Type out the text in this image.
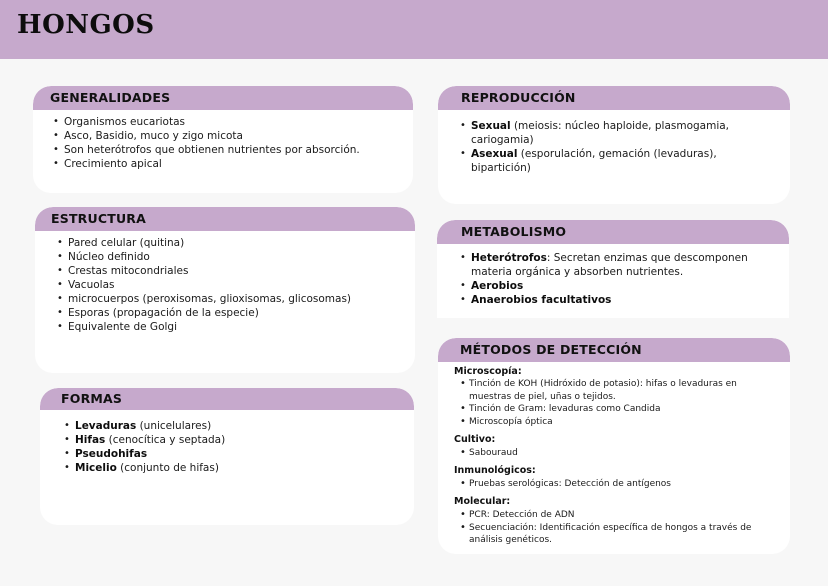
HONGOS
GENERALIDADES
• Organismos eucariotas
• Asco, Basidio, muco y zigo micota
• Son heterótrofos que obtienen nutrientes por absorción.
• Crecimiento apical
ESTRUCTURA
• Pared celular (quitina)
• Núcleo definido
• Crestas mitocondriales
• Vacuolas
• microcuerpos (peroxisomas, glioxisomas, glicosomas)
• Esporas (propagación de la especie)
• Equivalente de Golgi
FORMAS
• Levaduras (unicelulares)
• Hifas (cenocítica y septada)
• Pseudohifas
• Micelio (conjunto de hifas)
REPRODUCCIÓN
• Sexual (meiosis: núcleo haploide, plasmogamia, cariogamia)
• Asexual (esporulación, gemación (levaduras), bipartición)
METABOLISMO
• Heterótrofos: Secretan enzimas que descomponen materia orgánica y absorben nutrientes.
• Aerobios
• Anaerobios facultativos
MÉTODOS DE DETECCIÓN
Microscopía:
• Tinción de KOH (Hidróxido de potasio): hifas o levaduras en muestras de piel, uñas o tejidos.
• Tinción de Gram: levaduras como Candida
• Microscopía óptica
Cultivo:
• Sabouraud
Inmunológicos:
• Pruebas serológicas: Detección de antígenos
Molecular:
• PCR: Detección de ADN
• Secuenciación: Identificación específica de hongos a través de análisis genéticos.
